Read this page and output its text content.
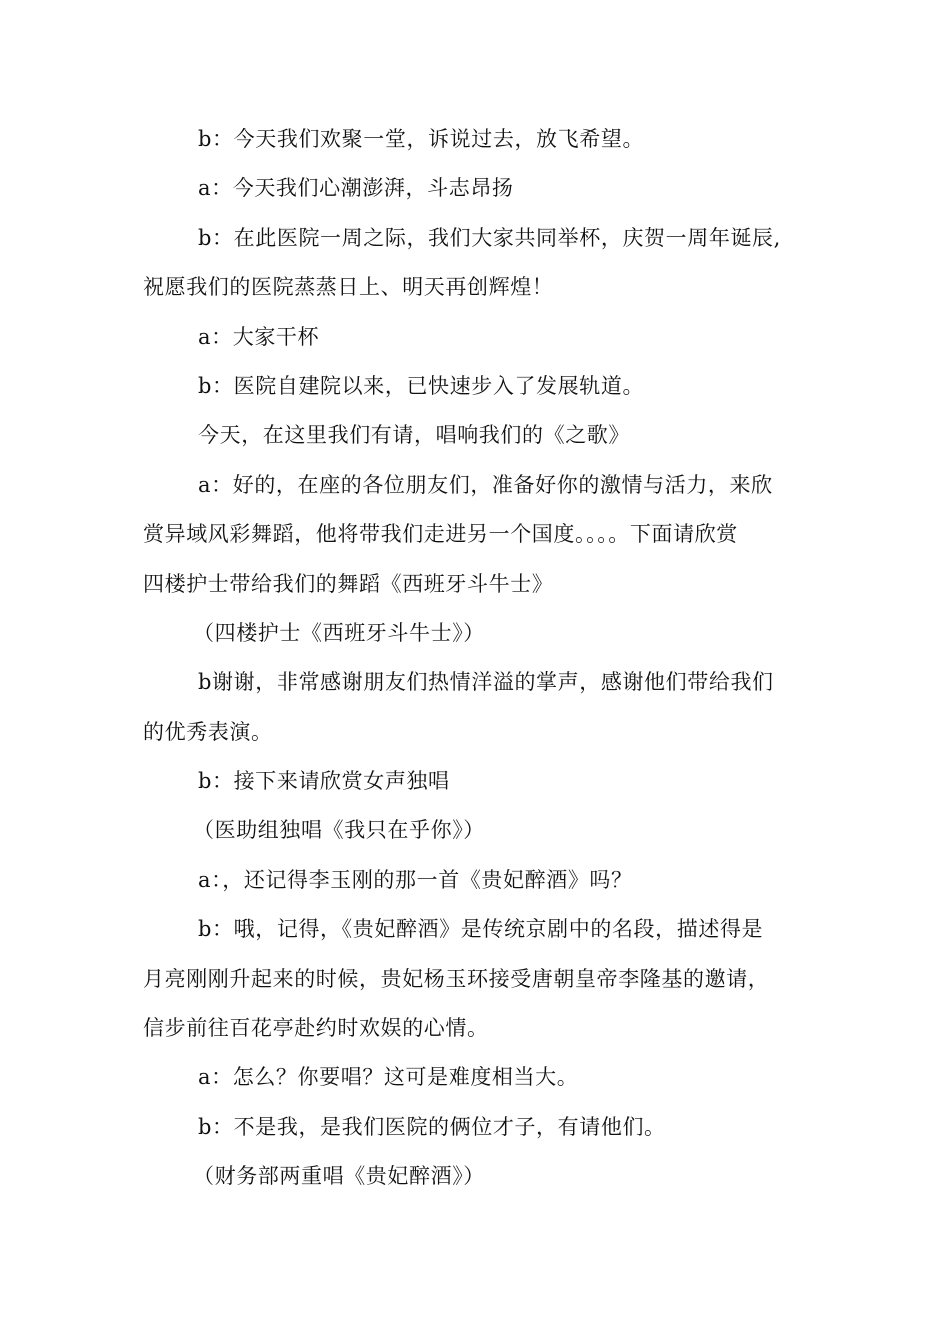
b：今天我们欢聚一堂，诉说过去，放飞希望。
a：今天我们心潮澎湃，斗志昂扬
b：在此医院一周之际，我们大家共同举杯，庆贺一周年诞辰,
祝愿我们的医院蒸蒸日上、明天再创辉煌！
a：大家干杯
b：医院自建院以来，已快速步入了发展轨道。
今天，在这里我们有请，唱响我们的《之歌》
a：好的，在座的各位朋友们，准备好你的激情与活力，来欣
赏异域风彩舞蹈，他将带我们走进另一个国度。。。。下面请欣赏
四楼护士带给我们的舞蹈《西班牙斗牛士》
（四楼护士《西班牙斗牛士》）
b谢谢，非常感谢朋友们热情洋溢的掌声，感谢他们带给我们
的优秀表演。
b：接下来请欣赏女声独唱
（医助组独唱《我只在乎你》）
a：，还记得李玉刚的那一首《贵妃醉酒》吗？
b：哦，记得，《贵妃醉酒》是传统京剧中的名段，描述得是
月亮刚刚升起来的时候，贵妃杨玉环接受唐朝皇帝李隆基的邀请，
信步前往百花亭赴约时欢娱的心情。
a：怎么？你要唱？这可是难度相当大。
b：不是我，是我们医院的俩位才子，有请他们。
（财务部两重唱《贵妃醉酒》）
